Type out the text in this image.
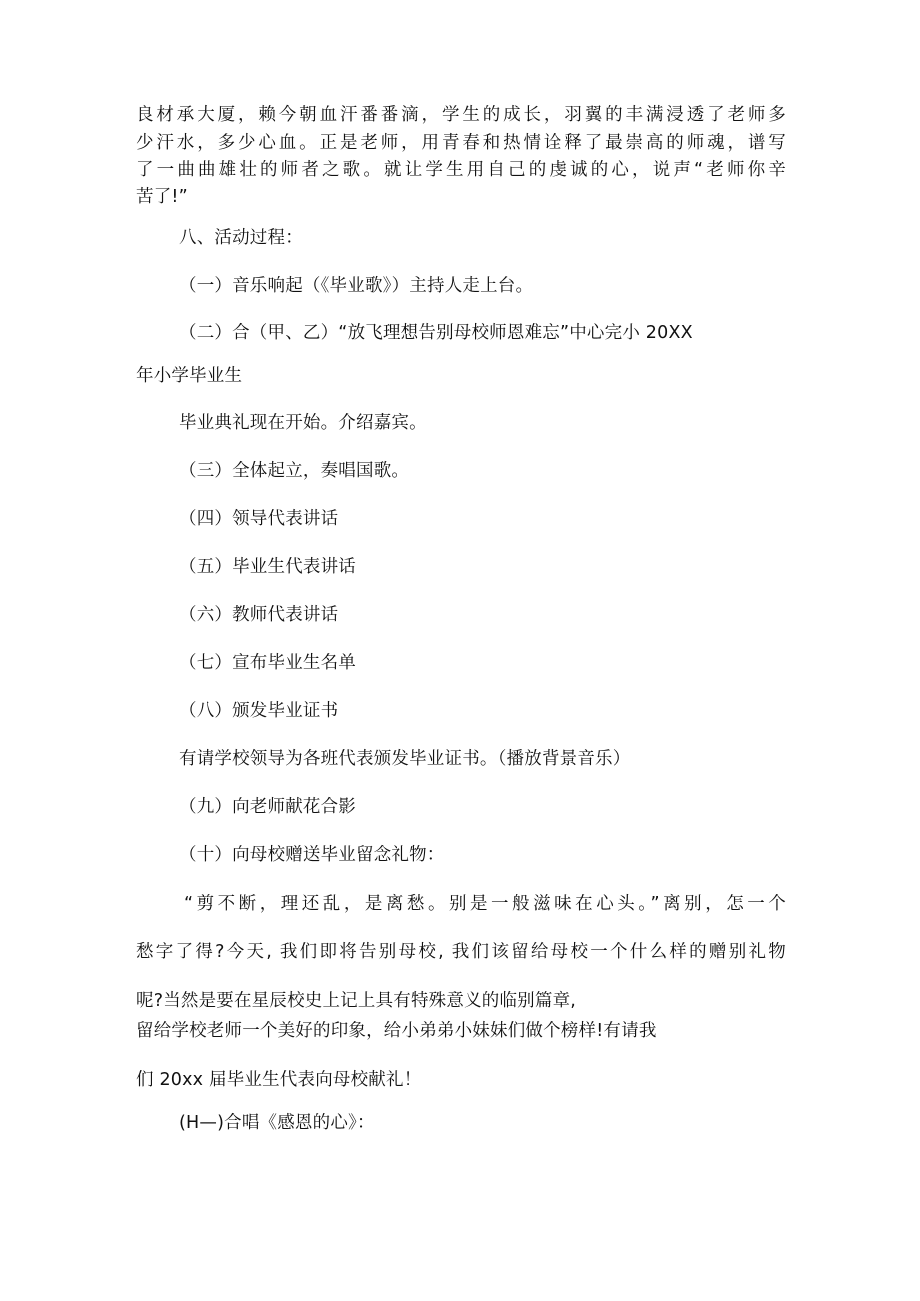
良材承大厦，赖今朝血汗番番滴，学生的成长，羽翼的丰满浸透了老师多
少汗水，多少心血。正是老师，用青春和热情诠释了最崇高的师魂，谱写
了一曲曲雄壮的师者之歌。就让学生用自己的虔诚的心，说声“老师你辛
苦了!”
八、活动过程：
（一）音乐响起（《毕业歌》）主持人走上台。
（二）合（甲、乙）“放飞理想告别母校师恩难忘”中心完小 20XX
年小学毕业生
毕业典礼现在开始。介绍嘉宾。
（三）全体起立，奏唱国歌。
（四）领导代表讲话
（五）毕业生代表讲话
（六）教师代表讲话
（七）宣布毕业生名单
（八）颁发毕业证书
有请学校领导为各班代表颁发毕业证书。（播放背景音乐）
（九）向老师献花合影
（十）向母校赠送毕业留念礼物：
“剪不断，理还乱，是离愁。别是一般滋味在心头。”离别，怎一个
愁字了得?今天, 我们即将告别母校, 我们该留给母校一个什么样的赠别礼物
呢?当然是要在星辰校史上记上具有特殊意义的临别篇章,
留给学校老师一个美好的印象，给小弟弟小妹妹们做个榜样!有请我
们 20xx 届毕业生代表向母校献礼！
(H—)合唱《感恩的心》：
